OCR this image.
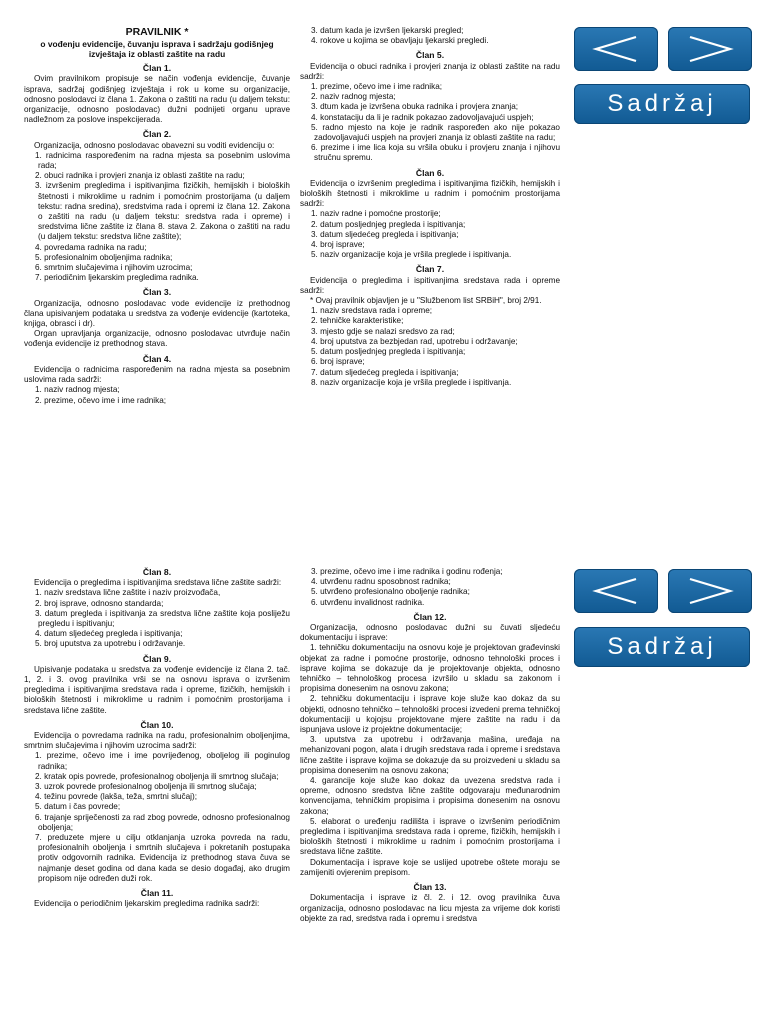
PRAVILNIK *
o vođenju evidencije, čuvanju isprava i sadržaju godišnjeg izvještaja iz oblasti zaštite na radu
Član 1.

Ovim pravilnikom propisuje se način vođenja evidencije, čuvanje isprava, sadržaj godišnjeg izvještaja i rok u kome su organizacije, odnosno poslodavci iz člana 1. Zakona o zaštiti na radu (u daljem tekstu: organizacije, odnosno poslodavac) dužni podnijeti organu uprave nadležnom za poslove inspekcijerada.

Član 2.

Organizacija, odnosno poslodavac obavezni su voditi evidenciju o:

1. radnicima raspoređenim na radna mjesta sa posebnim uslovima rada;

2. obuci radnika i provjeri znanja iz oblasti zaštite na radu;

3. izvršenim pregledima i ispitivanjima fizičkih, hemijskih i bioloških štetnosti i mikroklime u radnim i pomoćnim prostorijama (u daljem tekstu: radna sredina), sredstvima rada i opremi iz člana 12. Zakona o zaštiti na radu (u daljem tekstu: sredstva rada i opreme) i sredstvima lične zaštite iz člana 8. stava 2. Zakona o zaštiti na radu (u daljem tekstu: sredstva lične zaštite);

4. povredama radnika na radu;

5. profesionalnim oboljenjima radnika;

6. smrtnim slučajevima i njihovim uzrocima;

7. periodičnim ljekarskim pregledima radnika.

Član 3.

Organizacija, odnosno poslodavac vode evidencije iz prethodnog člana upisivanjem podataka u sredstva za vođenje evidencije (kartoteka, knjiga, obrasci i dr).

Organ upravljanja organizacije, odnosno poslodavac utvrđuje način vođenja evidencije iz prethodnog stava.

Član 4.

Evidencija o radnicima raspoređenim na radna mjesta sa posebnim uslovima rada sadrži:

1. naziv radnog mjesta;

2. prezime, očevo ime i ime radnika;

3. datum kada je izvršen ljekarski pregled;

4. rokove u kojima se obavljaju ljekarski pregledi.

Član 5.

Evidencija o obuci radnika i provjeri znanja iz oblasti zaštite na radu sadrži:

1. prezime, očevo ime i ime radnika;

2. naziv radnog mjesta;

3. dtum kada je izvršena obuka radnika i provjera znanja;

4. konstataciju da li je radnik pokazao zadovoljavajući uspjeh;

5. radno mjesto na koje je radnik raspoređen ako nije pokazao zadovoljavajući uspjeh na provjeri znanja iz oblasti zaštite na radu;

6. prezime i ime lica koja su vršila obuku i provjeru znanja i njihovu stručnu spremu.

Član 6.

Evidencija o izvršenim pregledima i ispitivanjima fizičkih, hemijskih i bioloških štetnosti i mikroklime u radnim i pomoćnim prostorijama sadrži:

1. naziv radne i pomoćne prostorije;

2. datum posljednjeg pregleda i ispitivanja;

3. datum sljedećeg pregleda i ispitivanja;

4. broj isprave;

5. naziv organizacije koja je vršila preglede i ispitivanja.

Član 7.

Evidencija o pregledima i ispitivanjima sredstava rada i opreme sadrži:

* Ovaj pravilnik objavljen je u "Službenom list SRBiH", broj 2/91.

1. naziv sredstava rada i opreme;

2. tehničke karakteristike;

3. mjesto gdje se nalazi sredsvo za rad;

4. broj uputstva za bezbjedan rad, upotrebu i održavanje;

5. datum posljednjeg pregleda i ispitivanja;

6. broj isprave;

7. datum sljedećeg pregleda i ispitivanja;

8. naziv organizacije koja je vršila preglede i ispitivanja.

Sadržaj
Član 8.

Evidencija o pregledima i ispitivanjima sredstava lične zaštite sadrži:

1. naziv sredstava lične zaštite i naziv proizvođača,

2. broj isprave, odnosno standarda;

3. datum pregleda i ispitivanja za sredstva lične zaštite koja posliježu pregledu i ispitivanju;

4. datum sljedećeg pregleda i ispitivanja;

5. broj uputstva za upotrebu i održavanje.

Član 9.

Upisivanje podataka u sredstva za vođenje evidencije iz člana 2. tač. 1, 2. i 3. ovog pravilnika vrši se na osnovu isprava o izvršenim pregledima i ispitivanjima sredstava rada i opreme, fizičkih, hemijskih i bioloških štetnosti i mikroklime u radnim i pomoćnim prostorijama i sredstava lične zaštite.

Član 10.

Evidencija o povredama radnika na radu, profesionalnim oboljenjima, smrtnim slučajevima i njihovim uzrocima sadrži:

1. prezime, očevo ime i ime povrijeđenog, oboljelog ili poginulog radnika;

2. kratak opis povrede, profesionalnog oboljenja ili smrtnog slučaja;

3. uzrok povrede profesionalnog oboljenja ili smrtnog slučaja;

4. težinu povrede (lakša, teža, smrtni slučaj);

5. datum i čas povrede;

6. trajanje spriječenosti za rad zbog povrede, odnosno profesionalnog oboljenja;

7. preduzete mjere u cilju otklanjanja uzroka povreda na radu, profesionalnih oboljenja i smrtnih slučajeva i pokretanih postupaka protiv odgovornih radnika. Evidencija iz prethodnog stava čuva se najmanje deset godina od dana kada se desio događaj, ako drugim propisom nije određen duži rok.

Član 11.

Evidencija o periodičnim ljekarskim pregledima radnika sadrži:

3. prezime, očevo ime i ime radnika i godinu rođenja;

4. utvrđenu radnu sposobnost radnika;

5. utvrđeno profesionalno oboljenje radnika;

6. utvrđenu invalidnost radnika.

Član 12.

Organizacija, odnosno poslodavac dužni su čuvati sljedeću dokumentaciju i isprave:

1. tehničku dokumentaciju na osnovu koje je projektovan građevinski objekat za radne i pomoćne prostorije, odnosno tehnološki proces i isprave kojima se dokazuje da je projektovanje objekta, odnosno tehničko – tehnološkog procesa izvršilo u skladu sa zakonom i propisima donesenim na osnovu zakona;

2. tehničku dokumentaciju i isprave koje služe kao dokaz da su objekti, odnosno tehničko – tehnološki procesi izvedeni prema tehničkoj dokumentaciji u kojojsu projektovane mjere zaštite na radu i da ispunjava uslove iz projektne dokumentacije;

3. uputstva za upotrebu i održavanja mašina, uređaja na mehanizovani pogon, alata i drugih sredstava rada i opreme i sredstava lične zaštite i isprave kojima se dokazuje da su proizvedeni u skladu sa propisima donesenim na osnovu zakona;

4. garancije koje služe kao dokaz da uvezena sredstva rada i opreme, odnosno sredstva lične zaštite odgovaraju međunarodnim konvencijama, tehničkim propisima i propisima donesenim na osnovu zakona;

5. elaborat o uređenju radilišta i isprave o izvršenim periodičnim pregledima i ispitivanjima sredstava rada i opreme, fizičkih, hemijskih i bioloških štetnosti i mikroklime u radnim i pomoćnim prostorijama i sredstava lične zaštite.

Dokumentacija i isprave koje se uslijed upotrebe oštete moraju se zamijeniti ovjerenim prepisom.

Član 13.

Dokumentacija i isprave iz čl. 2. i 12. ovog pravilnika čuva organizacija, odnosno poslodavac na licu mjesta za vrijeme dok koristi objekte za rad, sredstva rada i opremu i sredstva

Sadržaj
